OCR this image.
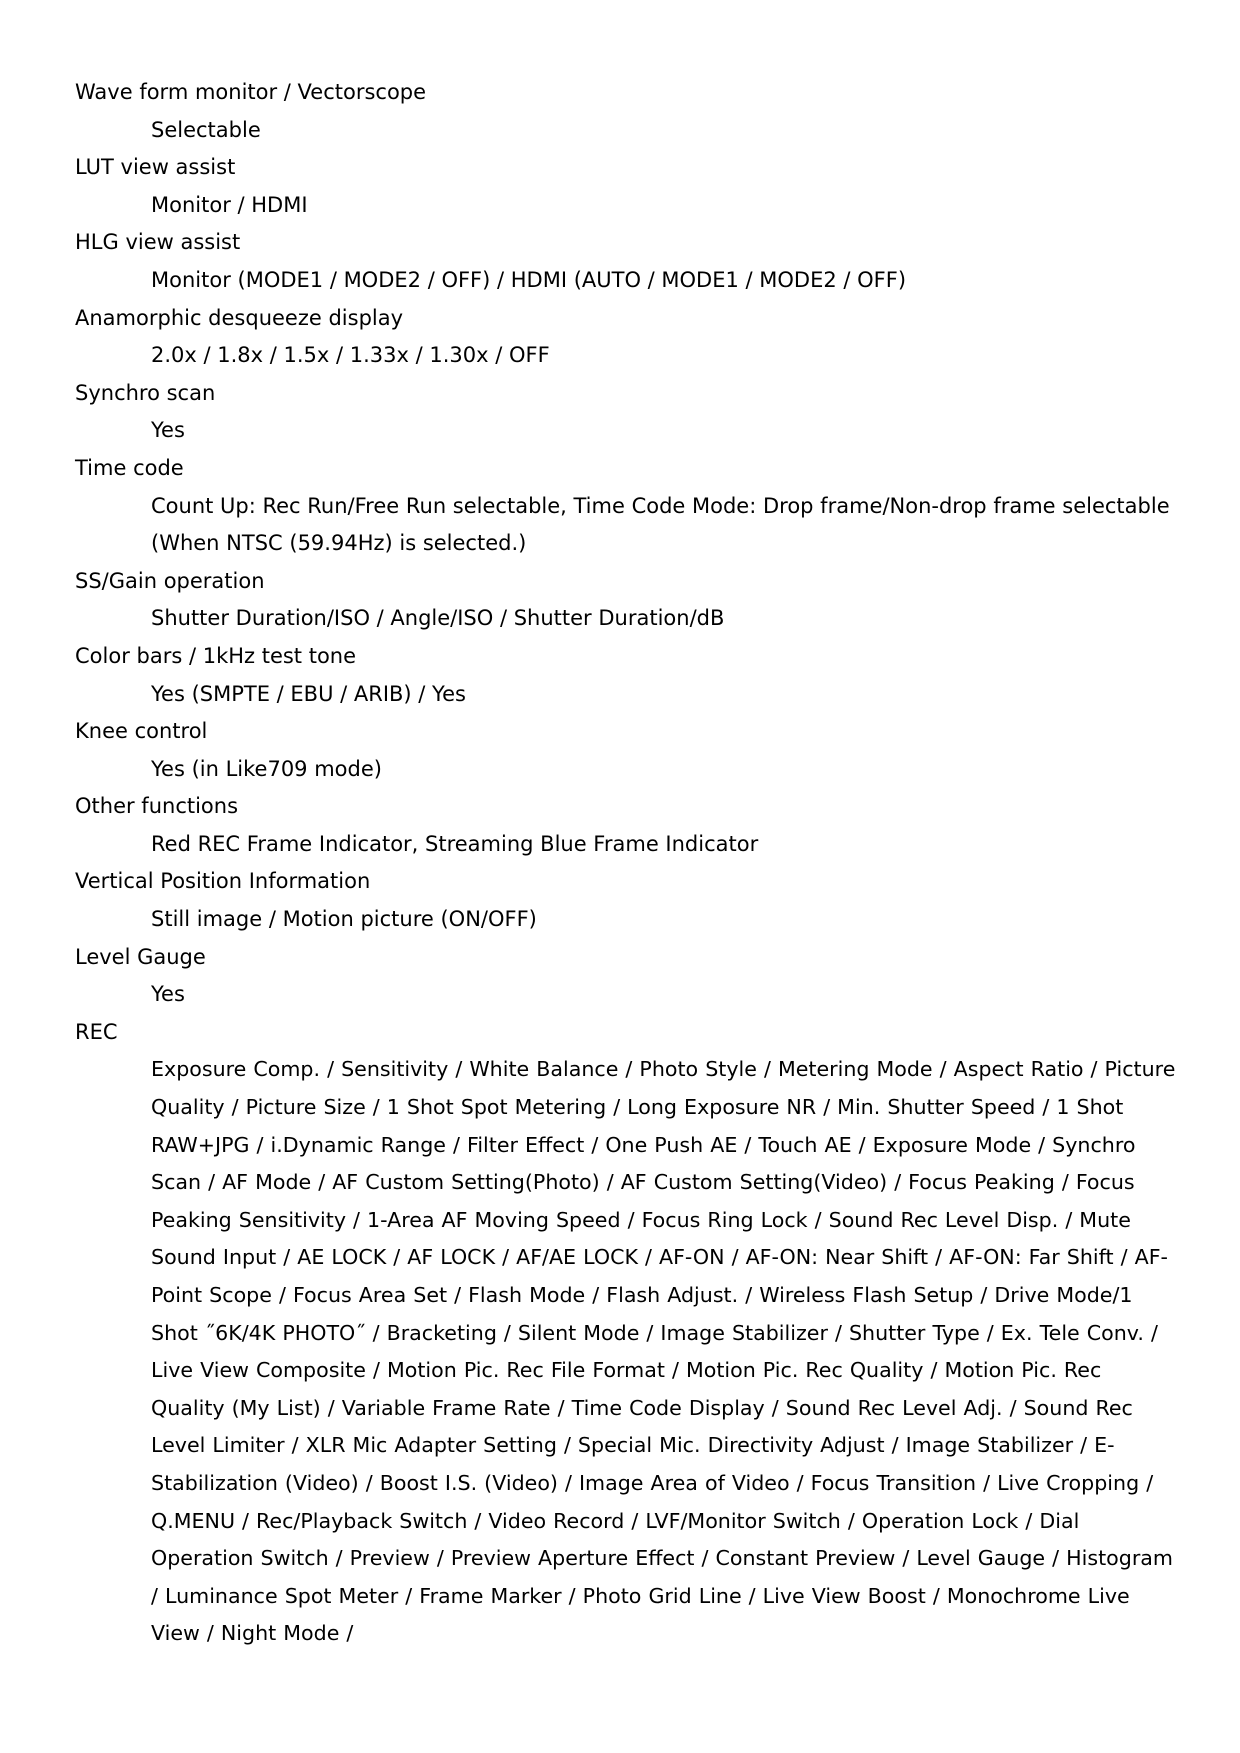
Wave form monitor / Vectorscope

Selectable

LUT view assist

Monitor / HDMI

HLG view assist

Monitor (MODE1 / MODE2 / OFF) / HDMI (AUTO / MODE1 / MODE2 / OFF)

Anamorphic desqueeze display

2.0x / 1.8x / 1.5x / 1.33x / 1.30x / OFF

Synchro scan

Yes

Time code

Count Up: Rec Run/Free Run selectable, Time Code Mode: Drop frame/Non-drop frame selectable (When NTSC (59.94Hz) is selected.)

SS/Gain operation

Shutter Duration/ISO / Angle/ISO / Shutter Duration/dB

Color bars / 1kHz test tone

Yes (SMPTE / EBU / ARIB) / Yes

Knee control

Yes (in Like709 mode)

Other functions

Red REC Frame Indicator, Streaming Blue Frame Indicator

Vertical Position Information

Still image / Motion picture (ON/OFF)

Level Gauge

Yes

REC

Exposure Comp. / Sensitivity / White Balance / Photo Style / Metering Mode / Aspect Ratio / Picture Quality / Picture Size / 1 Shot Spot Metering / Long Exposure NR / Min. Shutter Speed / 1 Shot RAW+JPG / i.Dynamic Range / Filter Effect / One Push AE / Touch AE / Exposure Mode / Synchro Scan / AF Mode / AF Custom Setting(Photo) / AF Custom Setting(Video) / Focus Peaking / Focus Peaking Sensitivity / 1-Area AF Moving Speed / Focus Ring Lock / Sound Rec Level Disp. / Mute Sound Input / AE LOCK / AF LOCK / AF/AE LOCK / AF-ON / AF-ON: Near Shift / AF-ON: Far Shift / AF-Point Scope / Focus Area Set / Flash Mode / Flash Adjust. / Wireless Flash Setup / Drive Mode/1 Shot ˝6K/4K PHOTO˝ / Bracketing / Silent Mode / Image Stabilizer / Shutter Type / Ex. Tele Conv. / Live View Composite / Motion Pic. Rec File Format / Motion Pic. Rec Quality / Motion Pic. Rec Quality (My List) / Variable Frame Rate / Time Code Display / Sound Rec Level Adj. / Sound Rec Level Limiter / XLR Mic Adapter Setting / Special Mic. Directivity Adjust / Image Stabilizer / E-Stabilization (Video) / Boost I.S. (Video) / Image Area of Video / Focus Transition / Live Cropping / Q.MENU / Rec/Playback Switch / Video Record / LVF/Monitor Switch / Operation Lock / Dial Operation Switch / Preview / Preview Aperture Effect / Constant Preview / Level Gauge / Histogram / Luminance Spot Meter / Frame Marker / Photo Grid Line / Live View Boost / Monochrome Live View / Night Mode /
